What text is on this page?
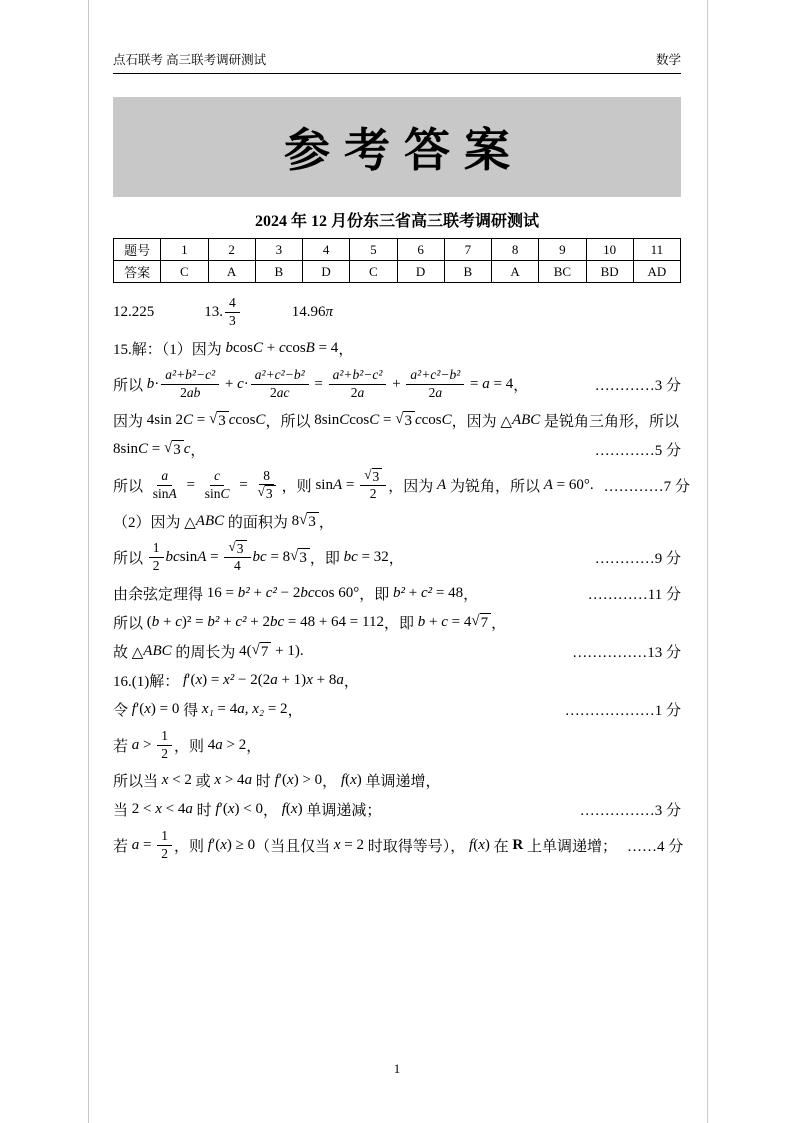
点石联考 高三联考调研测试	数学
参考答案
2024 年 12 月份东三省高三联考调研测试
题号	1	2	3	4	5	6	7	8	9	10	11
答案	C	A	B	D	C	D	B	A	BC	BD	AD
12.225	13. $\frac{4}{3}$	14.96 π
15.解：（1）因为 b cos C + c cos B = 4 ，
所以 $b \cdot \frac{\text{a²+b²−c²}}{2 ab} + c \cdot \frac{\text{a²+c²−b²}}{2 ac} = \frac{\text{a²+b²−c²}}{2 a} + \frac{\text{a²+c²−b²}}{2 a} = a = 4$ ，	…………3 分
因为 4sin 2 C = √ 3 c cos C ，所以 8sin C cos C = √ 3 c cos C ，因为 △ ABC 是锐角三角形，所以
8sin C = √ 3 c ，	…………5 分
所以 $\frac{a}{\text{sin A}} = \frac{c}{\text{sin C}} = \frac{8}{√ 3}$ ，则 $\sin A = \frac{√ 3}{2}$ ，因为 A 为锐角，所以 A = 60° . …………7 分
（2）因为 △ ABC 的面积为 8 √ 3 ，
所以 $\frac{1}{2}$ bc $\sin A = \frac{√ 3}{4}$ bc = 8 √ 3 ，即 bc = 32 ，	…………9 分
由余弦定理得 16 = b² + c² − 2 bc cos 60° ，即 b² + c² = 48 ，	…………11 分
所以 ( b + c )² = b² + c² + 2 bc = 48 + 64 = 112 ，即 b + c = 4 √ 7 ，
故 △ ABC 的周长为 4( √ 7 + 1) .	……………13 分
16.(1)解： f ′( x ) = x² − 2(2 a + 1) x + 8 a ，
令 f ′( x ) = 0 得 x₁ = 4 a , x₂ = 2 ，	………………1 分
若 $a > \frac{1}{2}$ ，则 4 a > 2 ，
所以当 x < 2 或 x > 4 a 时 f ′( x ) > 0 ， f ( x ) 单调递增，
当 2 < x < 4 a 时 f ′( x ) < 0 ， f ( x ) 单调递减；	……………3 分
若 $a = \frac{1}{2}$ ，则 f ′( x ) ≥ 0 （当且仅当 x = 2 时取得等号）， f ( x ) 在 R 上单调递增； ……4 分
1
